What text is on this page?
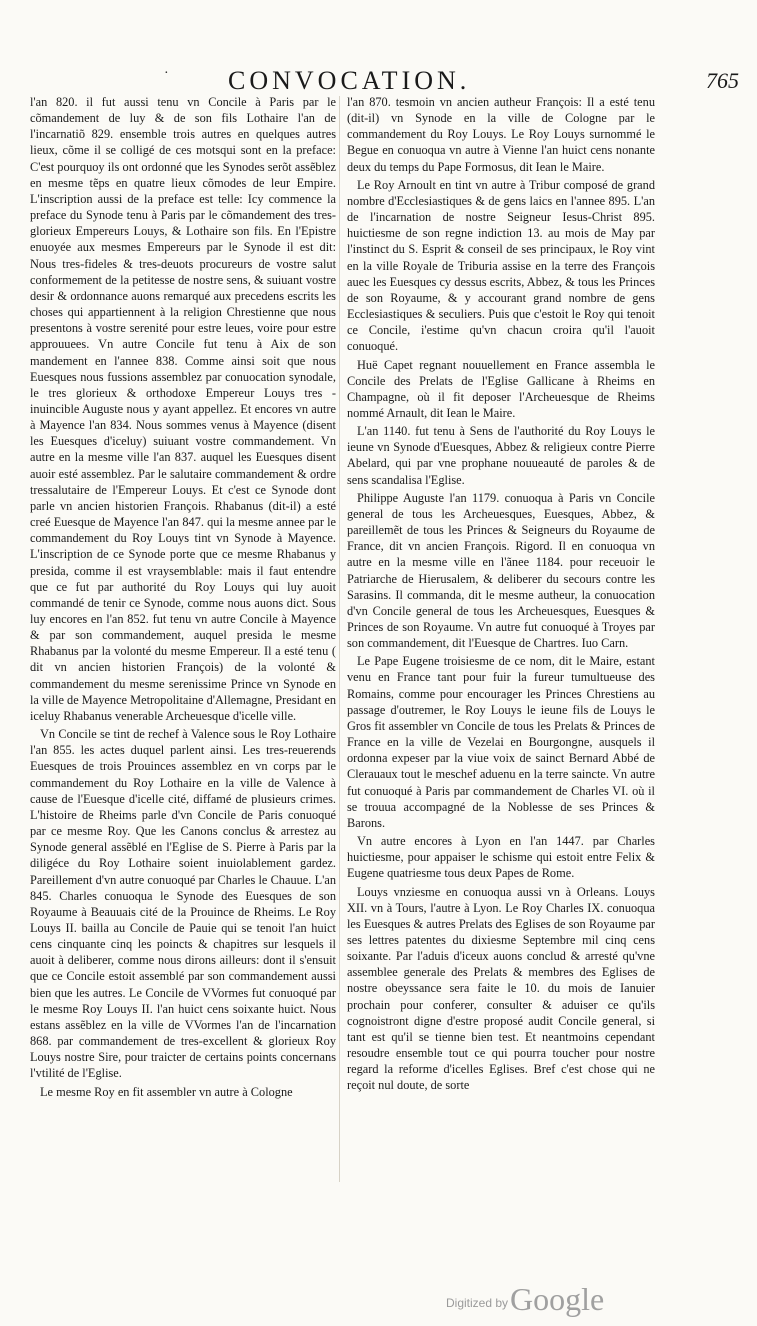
· CONVOCATION.	765

l'an 820. il fut aussi tenu vn Concile à Paris par le cõmandement de luy & de son fils Lothaire l'an de l'incarnatiõ 829. ensemble trois autres en quelques autres lieux, cõme il se colligé de ces motsqui sont en la preface: C'est pourquoy ils ont ordonné que les Synodes serõt assẽblez en mesme tẽps en quatre lieux cõmodes de leur Empire. L'inscription aussi de la preface est telle: Icy commence la preface du Synode tenu à Paris par le cõmandement des tres-glorieux Empereurs Louys, & Lothaire son fils. En l'Epistre enuoyée aux mesmes Empereurs par le Synode il est dit: Nous tres-fideles & tres-deuots procureurs de vostre salut conformement de la petitesse de nostre sens, & suiuant vostre desir & ordonnance auons remarqué aux precedens escrits les choses qui appartiennent à la religion Chrestienne que nous presentons à vostre serenité pour estre leues, voire pour estre approuuees. Vn autre Concile fut tenu à Aix de son mandement en l'annee 838. Comme ainsi soit que nous Euesques nous fussions assemblez par conuocation synodale, le tres glorieux & orthodoxe Empereur Louys tres - inuincible Auguste nous y ayant appellez. Et encores vn autre à Mayence l'an 834. Nous sommes venus à Mayence (disent les Euesques d'iceluy) suiuant vostre commandement. Vn autre en la mesme ville l'an 837. auquel les Euesques disent auoir esté assemblez. Par le salutaire commandement & ordre tressalutaire de l'Empereur Louys. Et c'est ce Synode dont parle vn ancien historien François. Rhabanus (dit-il) a esté creé Euesque de Mayence l'an 847. qui la mesme annee par le commandement du Roy Louys tint vn Synode à Mayence. L'inscription de ce Synode porte que ce mesme Rhabanus y presida, comme il est vraysemblable: mais il faut entendre que ce fut par authorité du Roy Louys qui luy auoit commandé de tenir ce Synode, comme nous auons dict. Sous luy encores en l'an 852. fut tenu vn autre Concile à Mayence & par son commandement, auquel presida le mesme Rhabanus par la volonté du mesme Empereur. Il a esté tenu ( dit vn ancien historien François) de la volonté & commandement du mesme serenissime Prince vn Synode en la ville de Mayence Metropolitaine d'Allemagne, Presidant en iceluy Rhabanus venerable Archeuesque d'icelle ville.

Vn Concile se tint de rechef à Valence sous le Roy Lothaire l'an 855. les actes duquel parlent ainsi. Les tres-reuerends Euesques de trois Prouinces assemblez en vn corps par le commandement du Roy Lothaire en la ville de Valence à cause de l'Euesque d'icelle cité, diffamé de plusieurs crimes. L'histoire de Rheims parle d'vn Concile de Paris conuoqué par ce mesme Roy. Que les Canons conclus & arrestez au Synode general assẽblé en l'Eglise de S. Pierre à Paris par la diligéce du Roy Lothaire soient inuiolablement gardez. Pareillement d'vn autre conuoqué par Charles le Chauue. L'an 845. Charles conuoqua le Synode des Euesques de son Royaume à Beauuais cité de la Prouince de Rheims. Le Roy Louys II. bailla au Concile de Pauie qui se tenoit l'an huict cens cinquante cinq les poincts & chapitres sur lesquels il auoit à deliberer, comme nous dirons ailleurs: dont il s'ensuit que ce Concile estoit assemblé par son commandement aussi bien que les autres. Le Concile de VVormes fut conuoqué par le mesme Roy Louys II. l'an huict cens soixante huict. Nous estans assẽblez en la ville de VVormes l'an de l'incarnation 868. par commandement de tres-excellent & glorieux Roy Louys nostre Sire, pour traicter de certains points concernans l'vtilité de l'Eglise.

Le mesme Roy en fit assembler vn autre à Cologne

l'an 870. tesmoin vn ancien autheur François: Il a esté tenu (dit-il) vn Synode en la ville de Cologne par le commandement du Roy Louys. Le Roy Louys surnommé le Begue en conuoqua vn autre à Vienne l'an huict cens nonante deux du temps du Pape Formosus, dit Iean le Maire.

Le Roy Arnoult en tint vn autre à Tribur composé de grand nombre d'Ecclesiastiques & de gens laics en l'annee 895. L'an de l'incarnation de nostre Seigneur Iesus-Christ 895. huictiesme de son regne indiction 13. au mois de May par l'instinct du S. Esprit & conseil de ses principaux, le Roy vint en la ville Royale de Triburia assise en la terre des François auec les Euesques cy dessus escrits, Abbez, & tous les Princes de son Royaume, & y accourant grand nombre de gens Ecclesiastiques & seculiers. Puis que c'estoit le Roy qui tenoit ce Concile, i'estime qu'vn chacun croira qu'il l'auoit conuoqué.

Huë Capet regnant nouuellement en France assembla le Concile des Prelats de l'Eglise Gallicane à Rheims en Champagne, où il fit deposer l'Archeuesque de Rheims nommé Arnault, dit Iean le Maire.

L'an 1140. fut tenu à Sens de l'authorité du Roy Louys le ieune vn Synode d'Euesques, Abbez & religieux contre Pierre Abelard, qui par vne prophane nouueauté de paroles & de sens scandalisa l'Eglise.

Philippe Auguste l'an 1179. conuoqua à Paris vn Concile general de tous les Archeuesques, Euesques, Abbez, & pareillemẽt de tous les Princes & Seigneurs du Royaume de France, dit vn ancien François. Rigord. Il en conuoqua vn autre en la mesme ville en l'ãnee 1184. pour receuoir le Patriarche de Hierusalem, & deliberer du secours contre les Sarasins. Il commanda, dit le mesme autheur, la conuocation d'vn Concile general de tous les Archeuesques, Euesques & Princes de son Royaume. Vn autre fut conuoqué à Troyes par son commandement, dit l'Euesque de Chartres. Iuo Carn.

Le Pape Eugene troisiesme de ce nom, dit le Maire, estant venu en France tant pour fuir la fureur tumultueuse des Romains, comme pour encourager les Princes Chrestiens au passage d'outremer, le Roy Louys le ieune fils de Louys le Gros fit assembler vn Concile de tous les Prelats & Princes de France en la ville de Vezelai en Bourgongne, ausquels il ordonna expeser par la viue voix de sainct Bernard Abbé de Clerauaux tout le meschef aduenu en la terre saincte. Vn autre fut conuoqué à Paris par commandement de Charles VI. où il se trouua accompagné de la Noblesse de ses Princes & Barons.

Vn autre encores à Lyon en l'an 1447. par Charles huictiesme, pour appaiser le schisme qui estoit entre Felix & Eugene quatriesme tous deux Papes de Rome.

Louys vnziesme en conuoqua aussi vn à Orleans. Louys XII. vn à Tours, l'autre à Lyon. Le Roy Charles IX. conuoqua les Euesques & autres Prelats des Eglises de son Royaume par ses lettres patentes du dixiesme Septembre mil cinq cens soixante. Par l'aduis d'iceux auons conclud & arresté qu'vne assemblee generale des Prelats & membres des Eglises de nostre obeyssance sera faite le 10. du mois de Ianuier prochain pour conferer, consulter & aduiser ce qu'ils cognoistront digne d'estre proposé audit Concile general, si tant est qu'il se tienne bien test. Et neantmoins cependant resoudre ensemble tout ce qui pourra toucher pour nostre regard la reforme d'icelles Eglises. Bref c'est chose qui ne reçoit nul doute, de sorte

Digitized by Google
